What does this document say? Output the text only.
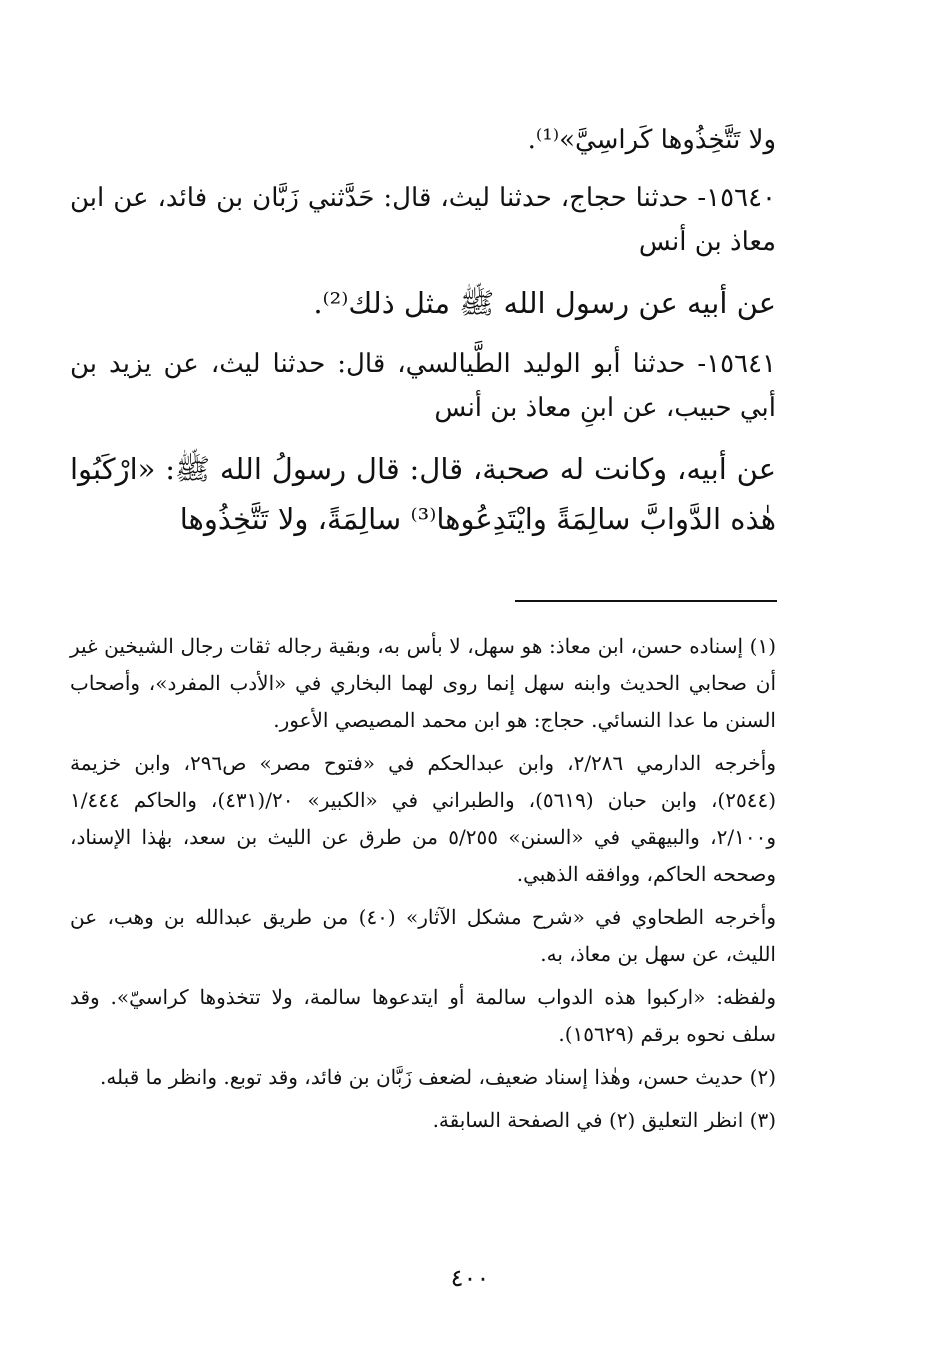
ولا تَتَّخِذُوها كَراسِيَّ»⁽¹⁾.

١٥٦٤٠- حدثنا حجاج، حدثنا ليث، قال: حَدَّثني زَبَّان بن فائد، عن ابن معاذ بن أنس

عن أبيه عن رسول الله ﷺ مثل ذلك⁽²⁾.

١٥٦٤١- حدثنا أبو الوليد الطَّيالسي، قال: حدثنا ليث، عن يزيد بن أبي حبيب، عن ابنِ معاذ بن أنس

عن أبيه، وكانت له صحبة، قال: قال رسولُ الله ﷺ: «ارْكَبُوا هٰذه الدَّوابَّ سالِمَةً وايْتَدِعُوها⁽³⁾ سالِمَةً، ولا تَتَّخِذُوها

(١) إسناده حسن، ابن معاذ: هو سهل، لا بأس به، وبقية رجاله ثقات رجال الشيخين غير أن صحابي الحديث وابنه سهل إنما روى لهما البخاري في «الأدب المفرد»، وأصحاب السنن ما عدا النسائي. حجاج: هو ابن محمد المصيصي الأعور.

وأخرجه الدارمي ٢/٢٨٦، وابن عبدالحكم في «فتوح مصر» ص٢٩٦، وابن خزيمة (٢٥٤٤)، وابن حبان (٥٦١٩)، والطبراني في «الكبير» ٢٠/(٤٣١)، والحاكم ١/٤٤٤ و٢/١٠٠، والبيهقي في «السنن» ٥/٢٥٥ من طرق عن الليث بن سعد، بهٰذا الإسناد، وصححه الحاكم، ووافقه الذهبي.

وأخرجه الطحاوي في «شرح مشكل الآثار» (٤٠) من طريق عبدالله بن وهب، عن الليث، عن سهل بن معاذ، به.

ولفظه: «اركبوا هذه الدواب سالمة أو ايتدعوها سالمة، ولا تتخذوها كراسيّ». وقد سلف نحوه برقم (١٥٦٢٩).

(٢) حديث حسن، وهٰذا إسناد ضعيف، لضعف زَبَّان بن فائد، وقد توبع. وانظر ما قبله.

(٣) انظر التعليق (٢) في الصفحة السابقة.

٤٠٠
